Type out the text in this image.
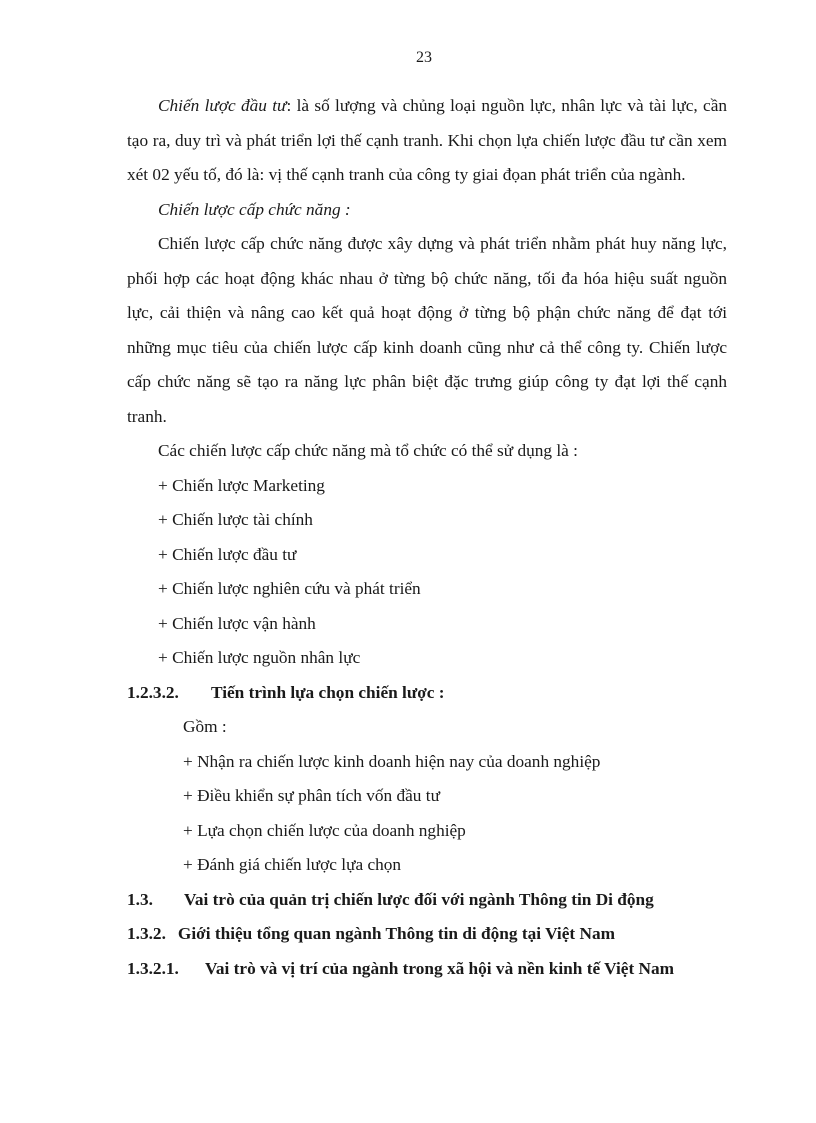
23

Chiến lược đầu tư: là số lượng và chủng loại nguồn lực, nhân lực và tài lực, cần tạo ra, duy trì và phát triển lợi thế cạnh tranh. Khi chọn lựa chiến lược đầu tư cần xem xét 02 yếu tố, đó là: vị thế cạnh tranh của công ty giai đọan phát triển của ngành.

Chiến lược cấp chức năng :

Chiến lược cấp chức năng được xây dựng và phát triển nhằm phát huy năng lực, phối hợp các hoạt động khác nhau ở từng bộ chức năng, tối đa hóa hiệu suất nguồn lực, cải thiện và nâng cao kết quả hoạt động ở từng bộ phận chức năng để đạt tới những mục tiêu của chiến lược cấp kinh doanh cũng như cả thể công ty. Chiến lược cấp chức năng sẽ tạo ra năng lực phân biệt đặc trưng giúp công ty đạt lợi thế cạnh tranh.

Các chiến lược cấp chức năng mà tổ chức có thể sử dụng là :

+ Chiến lược Marketing

+ Chiến lược tài chính

+ Chiến lược đầu tư

+ Chiến lược nghiên cứu và phát triển

+ Chiến lược vận hành

+ Chiến lược nguồn nhân lực

1.2.3.2. Tiến trình lựa chọn chiến lược :

Gồm :

+ Nhận ra chiến lược kinh doanh hiện nay của doanh nghiệp

+ Điều khiển sự phân tích vốn đầu tư

+ Lựa chọn chiến lược của doanh nghiệp

+ Đánh giá chiến lược lựa chọn

1.3. Vai trò của quản trị chiến lược đối với ngành Thông tin Di động
1.3.2. Giới thiệu tổng quan ngành Thông tin di động tại Việt Nam
1.3.2.1. Vai trò và vị trí của ngành trong xã hội và nền kinh tế Việt Nam
